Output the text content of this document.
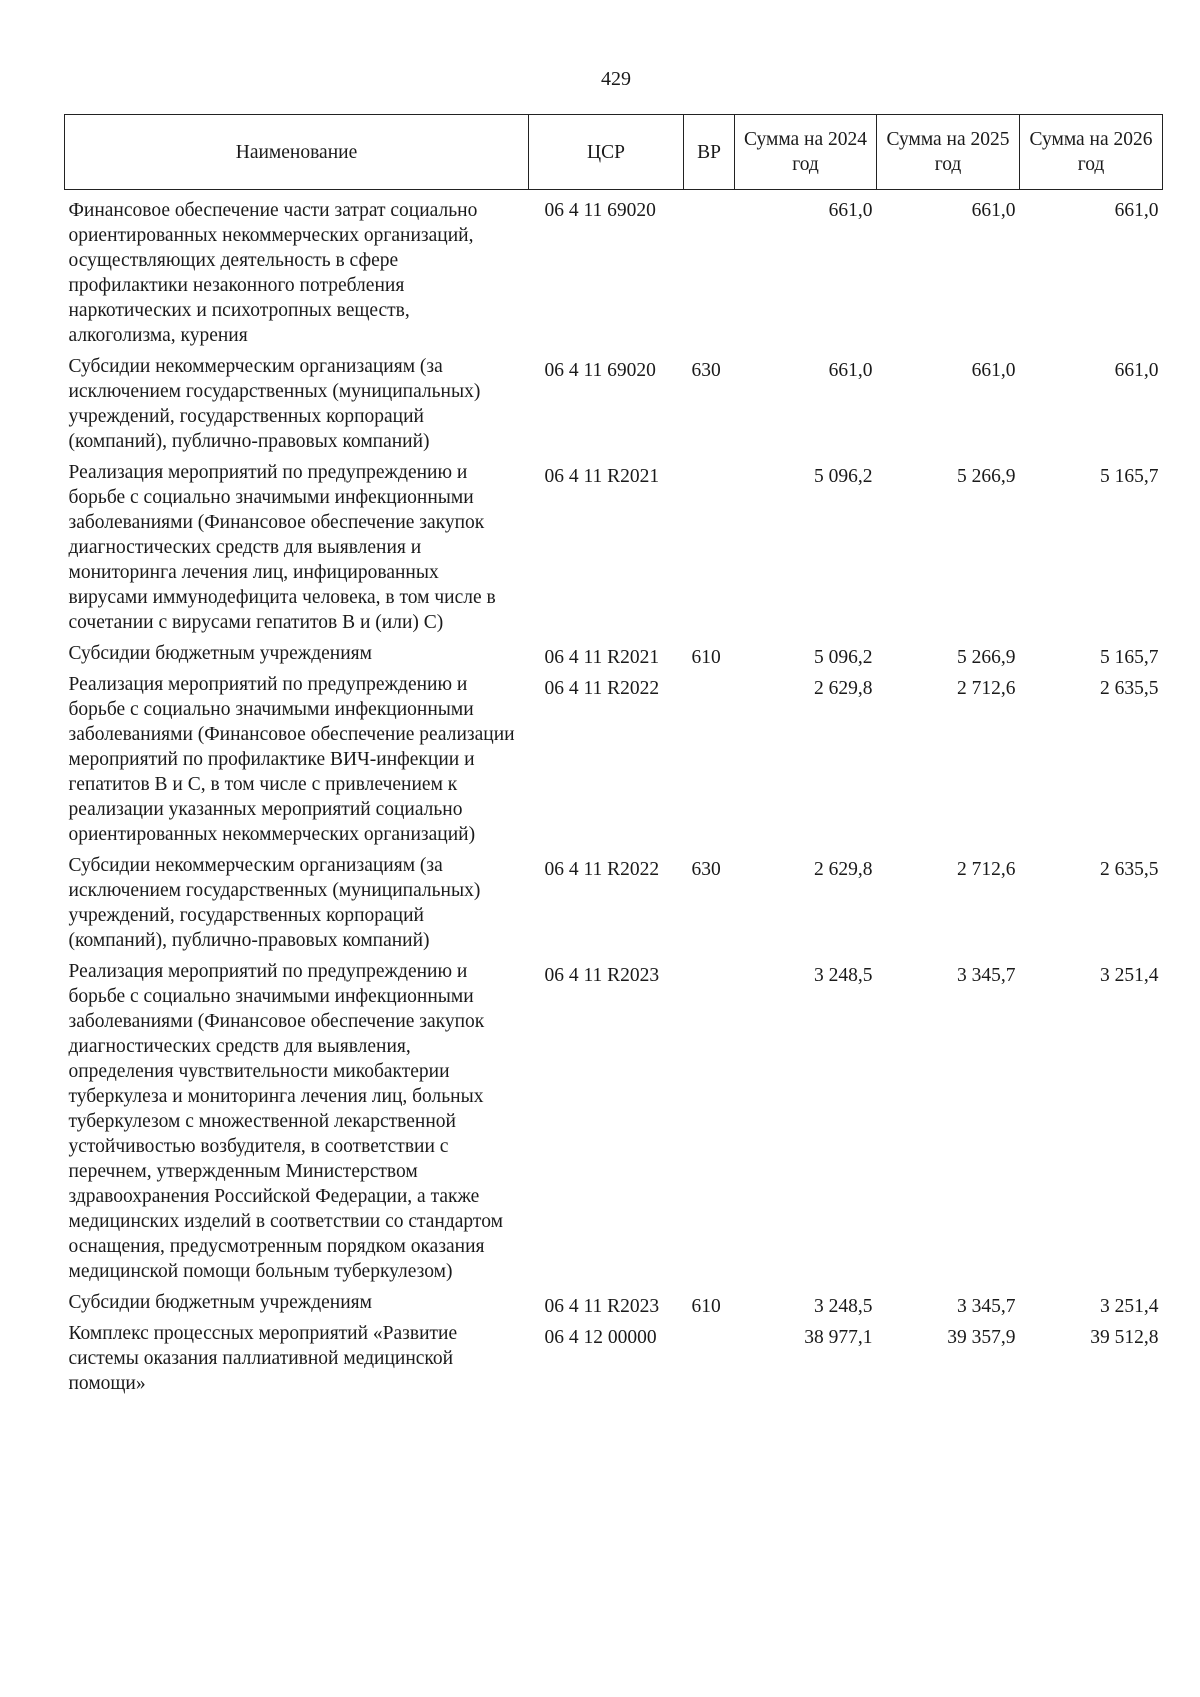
429
Наименование	ЦСР	ВР	Сумма на 2024 год	Сумма на 2025 год	Сумма на 2026 год
Финансовое обеспечение части затрат социально ориентированных некоммерческих организаций, осуществляющих деятельность в сфере профилактики незаконного потребления наркотических и психотропных веществ, алкоголизма, курения	06 4 11 69020		661,0	661,0	661,0
Субсидии некоммерческим организациям (за исключением государственных (муниципальных) учреждений, государственных корпораций (компаний), публично-правовых компаний)	06 4 11 69020	630	661,0	661,0	661,0
Реализация мероприятий по предупреждению и борьбе с социально значимыми инфекционными заболеваниями (Финансовое обеспечение закупок диагностических средств для выявления и мониторинга лечения лиц, инфицированных вирусами иммунодефицита человека, в том числе в сочетании с вирусами гепатитов В и (или) С)	06 4 11 R2021		5 096,2	5 266,9	5 165,7
Субсидии бюджетным учреждениям	06 4 11 R2021	610	5 096,2	5 266,9	5 165,7
Реализация мероприятий по предупреждению и борьбе с социально значимыми инфекционными заболеваниями (Финансовое обеспечение реализации мероприятий по профилактике ВИЧ-инфекции и гепатитов В и С, в том числе с привлечением к реализации указанных мероприятий социально ориентированных некоммерческих организаций)	06 4 11 R2022		2 629,8	2 712,6	2 635,5
Субсидии некоммерческим организациям (за исключением государственных (муниципальных) учреждений, государственных корпораций (компаний), публично-правовых компаний)	06 4 11 R2022	630	2 629,8	2 712,6	2 635,5
Реализация мероприятий по предупреждению и борьбе с социально значимыми инфекционными заболеваниями (Финансовое обеспечение закупок диагностических средств для выявления, определения чувствительности микобактерии туберкулеза и мониторинга лечения лиц, больных туберкулезом с множественной лекарственной устойчивостью возбудителя, в соответствии с перечнем, утвержденным Министерством здравоохранения Российской Федерации, а также медицинских изделий в соответствии со стандартом оснащения, предусмотренным порядком оказания медицинской помощи больным туберкулезом)	06 4 11 R2023		3 248,5	3 345,7	3 251,4
Субсидии бюджетным учреждениям	06 4 11 R2023	610	3 248,5	3 345,7	3 251,4
Комплекс процессных мероприятий «Развитие системы оказания паллиативной медицинской помощи»	06 4 12 00000		38 977,1	39 357,9	39 512,8
